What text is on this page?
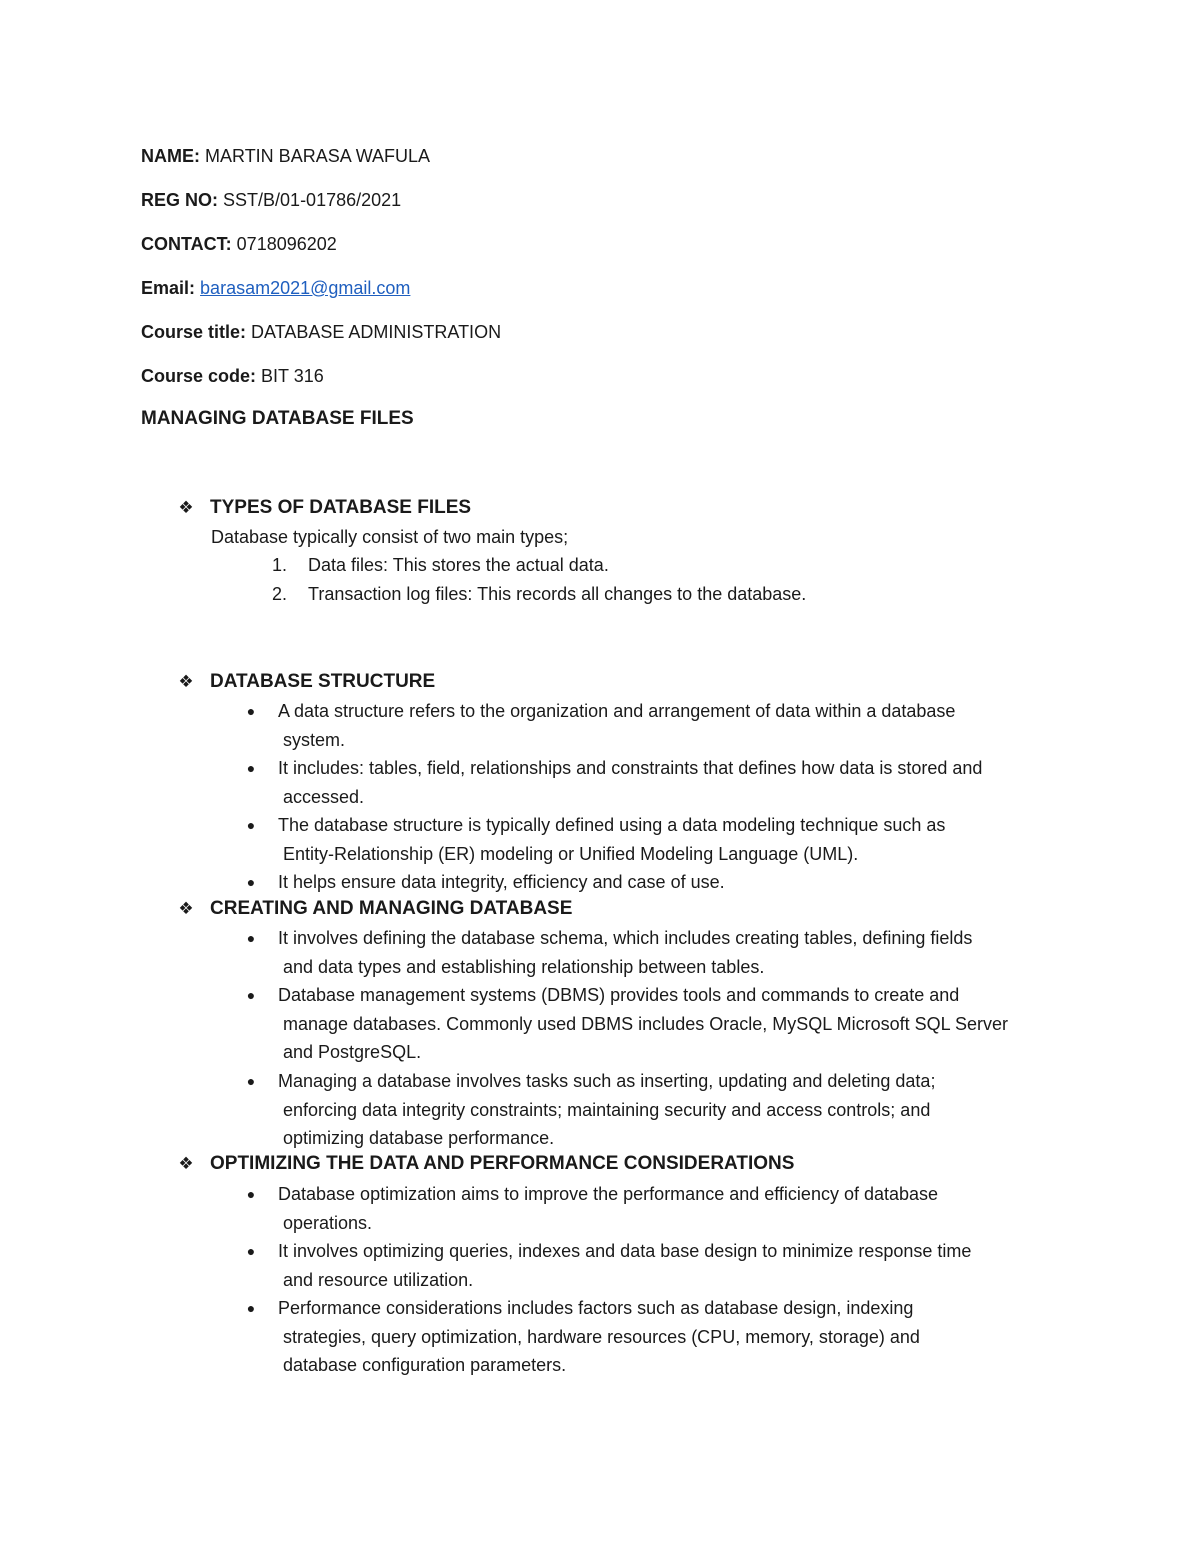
NAME: MARTIN BARASA WAFULA
REG NO: SST/B/01-01786/2021
CONTACT: 0718096202
Email: barasam2021@gmail.com
Course title: DATABASE ADMINISTRATION
Course code: BIT 316
MANAGING DATABASE FILES
❖ TYPES OF DATABASE FILES
Database typically consist of two main types;
1. Data files: This stores the actual data.
2. Transaction log files: This records all changes to the database.
❖ DATABASE STRUCTURE
● A data structure refers to the organization and arrangement of data within a database
system.
● It includes: tables, field, relationships and constraints that defines how data is stored and
accessed.
● The database structure is typically defined using a data modeling technique such as
Entity-Relationship (ER) modeling or Unified Modeling Language (UML).
● It helps ensure data integrity, efficiency and case of use.
❖ CREATING AND MANAGING DATABASE
● It involves defining the database schema, which includes creating tables, defining fields
and data types and establishing relationship between tables.
● Database management systems (DBMS) provides tools and commands to create and
manage databases. Commonly used DBMS includes Oracle, MySQL Microsoft SQL Server
and PostgreSQL.
● Managing a database involves tasks such as inserting, updating and deleting data;
enforcing data integrity constraints; maintaining security and access controls; and
optimizing database performance.
❖ OPTIMIZING THE DATA AND PERFORMANCE CONSIDERATIONS
● Database optimization aims to improve the performance and efficiency of database
operations.
● It involves optimizing queries, indexes and data base design to minimize response time
and resource utilization.
● Performance considerations includes factors such as database design, indexing
strategies, query optimization, hardware resources (CPU, memory, storage) and
database configuration parameters.
